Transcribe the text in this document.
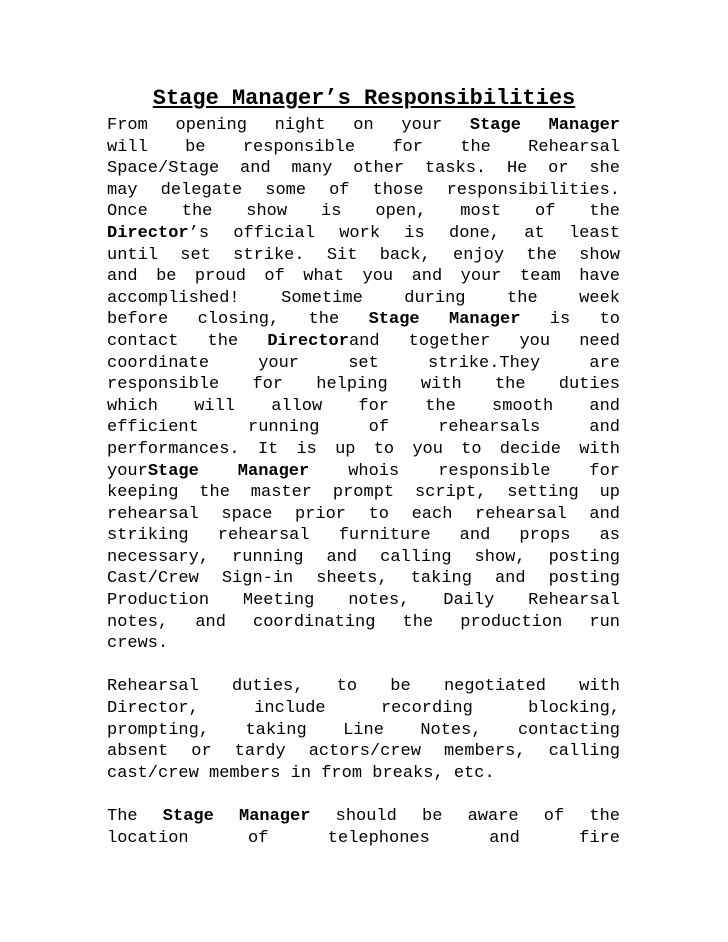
Stage Manager’s Responsibilities
From opening night on your Stage Manager
will be responsible for the Rehearsal
Space/Stage and many other tasks. He or she
may delegate some of those responsibilities.
Once the show is open, most of the
Director’s official work is done, at least
until set strike. Sit back, enjoy the show
and be proud of what you and your team have
accomplished! Sometime during the week
before closing, the Stage Manager is to
contact the Directorand together you need
coordinate your set strike.They are
responsible for helping with the duties
which will allow for the smooth and
efficient running of rehearsals and
performances. It is up to you to decide with
yourStage Manager whois responsible for
keeping the master prompt script, setting up
rehearsal space prior to each rehearsal and
striking rehearsal furniture and props as
necessary, running and calling show, posting
Cast/Crew Sign-in sheets, taking and posting
Production Meeting notes, Daily Rehearsal
notes, and coordinating the production run
crews.
Rehearsal duties, to be negotiated with
Director, include recording blocking,
prompting, taking Line Notes, contacting
absent or tardy actors/crew members, calling
cast/crew members in from breaks, etc.
The Stage Manager should be aware of the
location of telephones and fire
